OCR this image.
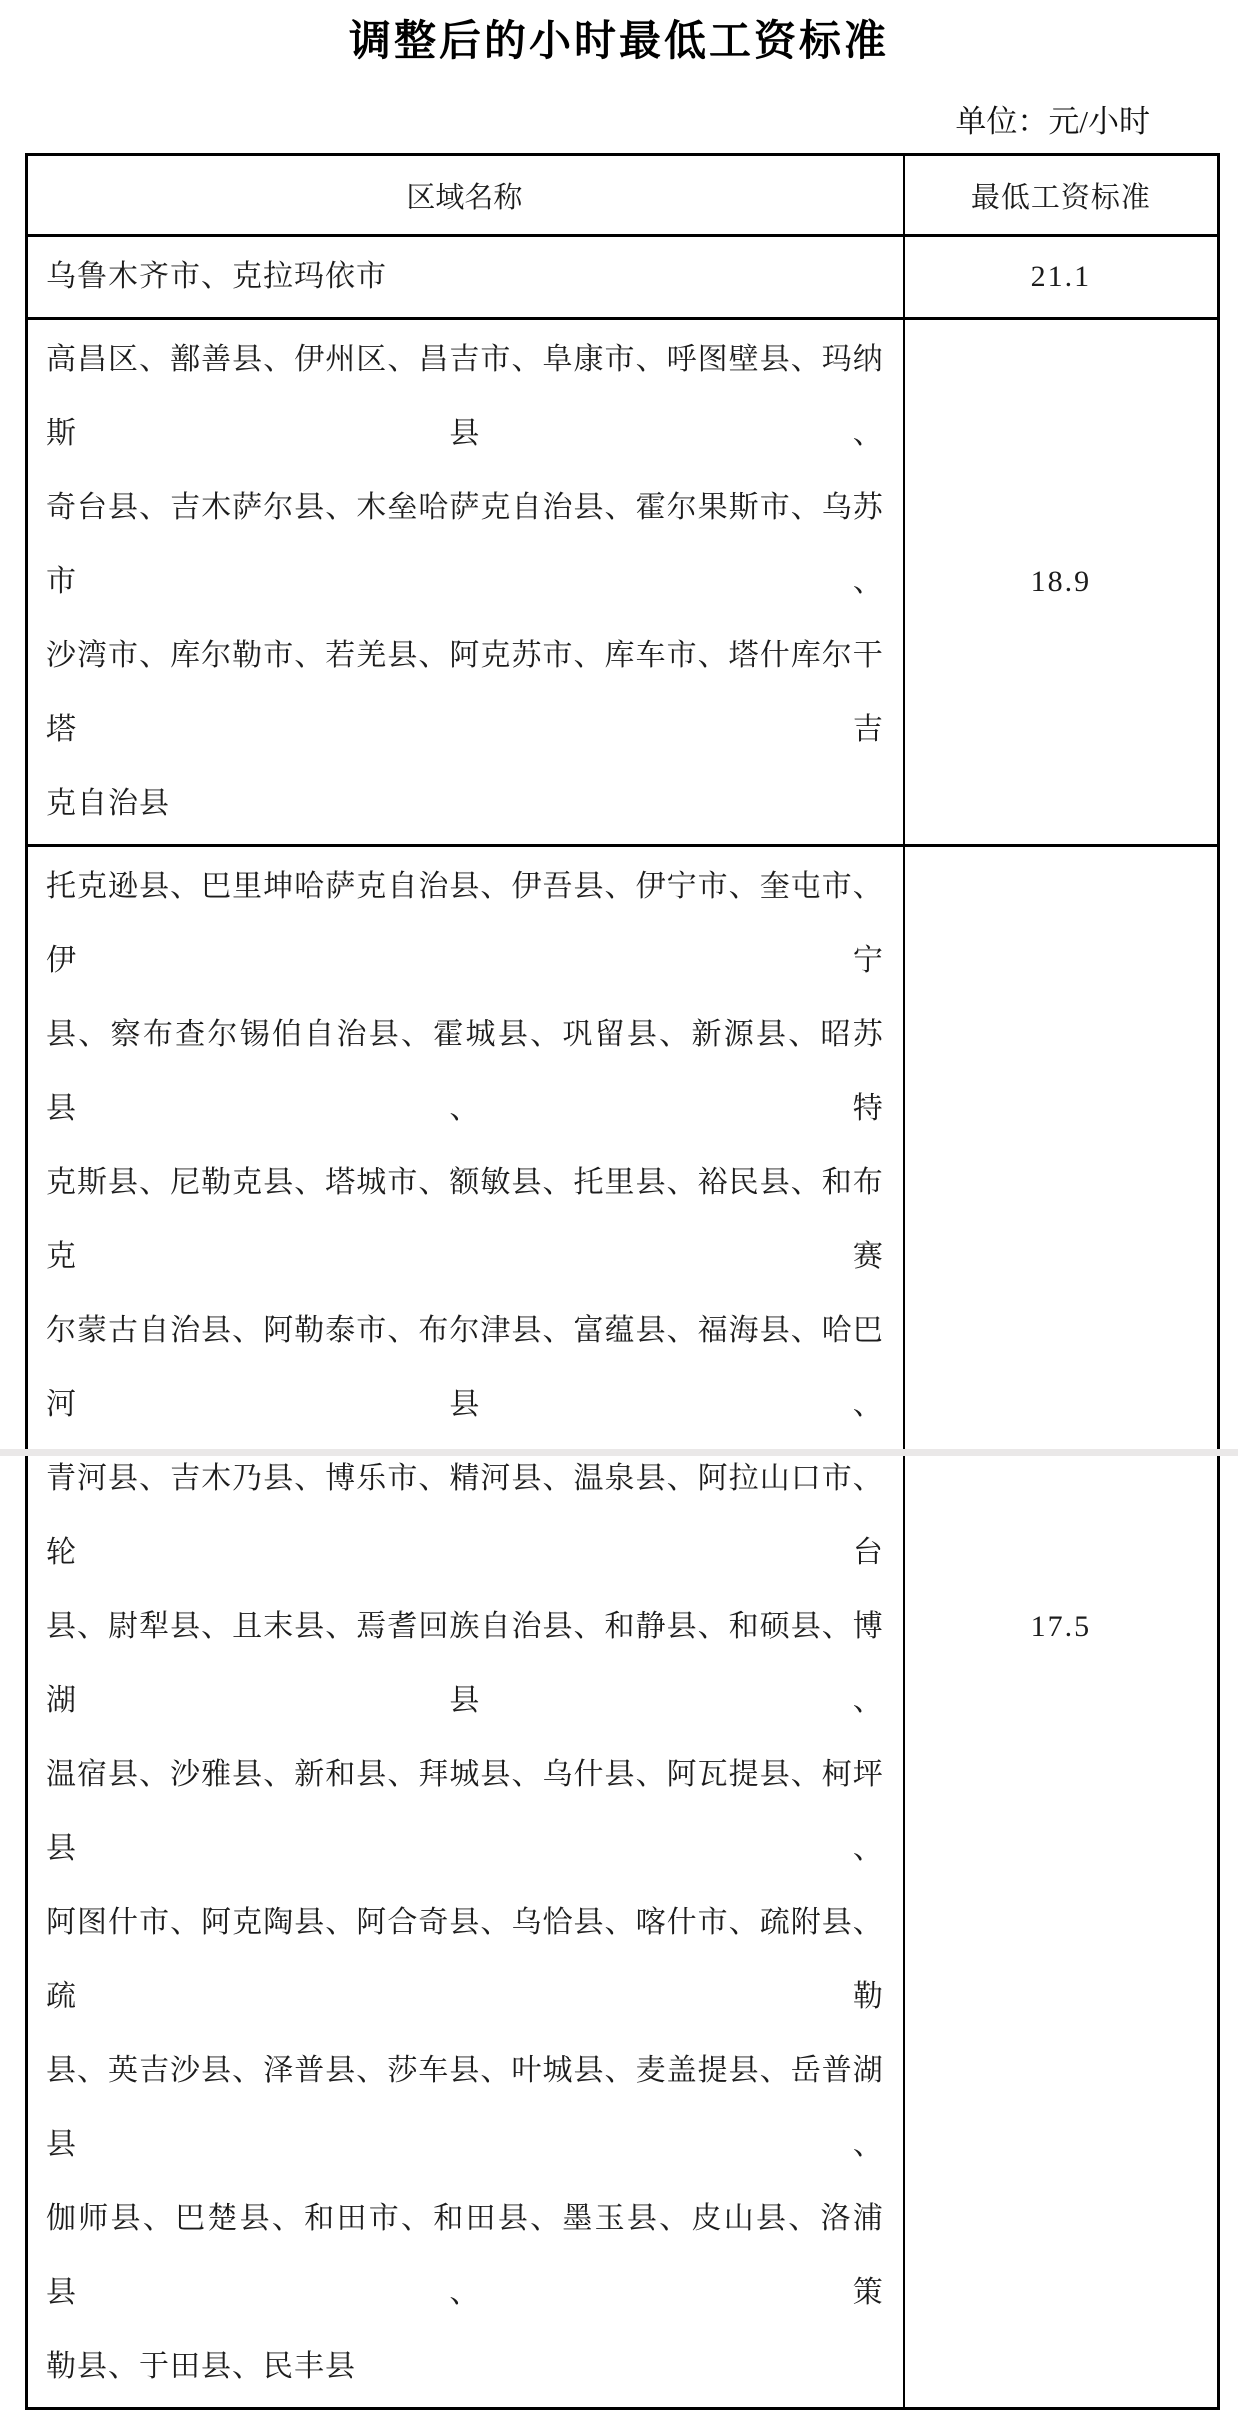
调整后的小时最低工资标准
单位：元/小时
区域名称	最低工资标准
乌鲁木齐市、克拉玛依市	21.1
高昌区、鄯善县、伊州区、昌吉市、阜康市、呼图壁县、玛纳斯县、
奇台县、吉木萨尔县、木垒哈萨克自治县、霍尔果斯市、乌苏市、
沙湾市、库尔勒市、若羌县、阿克苏市、库车市、塔什库尔干塔吉
克自治县
18.9
托克逊县、巴里坤哈萨克自治县、伊吾县、伊宁市、奎屯市、伊宁
县、察布查尔锡伯自治县、霍城县、巩留县、新源县、昭苏县、特
克斯县、尼勒克县、塔城市、额敏县、托里县、裕民县、和布克赛
尔蒙古自治县、阿勒泰市、布尔津县、富蕴县、福海县、哈巴河县、
青河县、吉木乃县、博乐市、精河县、温泉县、阿拉山口市、轮台
县、尉犁县、且末县、焉耆回族自治县、和静县、和硕县、博湖县、
温宿县、沙雅县、新和县、拜城县、乌什县、阿瓦提县、柯坪县、
阿图什市、阿克陶县、阿合奇县、乌恰县、喀什市、疏附县、疏勒
县、英吉沙县、泽普县、莎车县、叶城县、麦盖提县、岳普湖县、
伽师县、巴楚县、和田市、和田县、墨玉县、皮山县、洛浦县、策
勒县、于田县、民丰县
17.5
